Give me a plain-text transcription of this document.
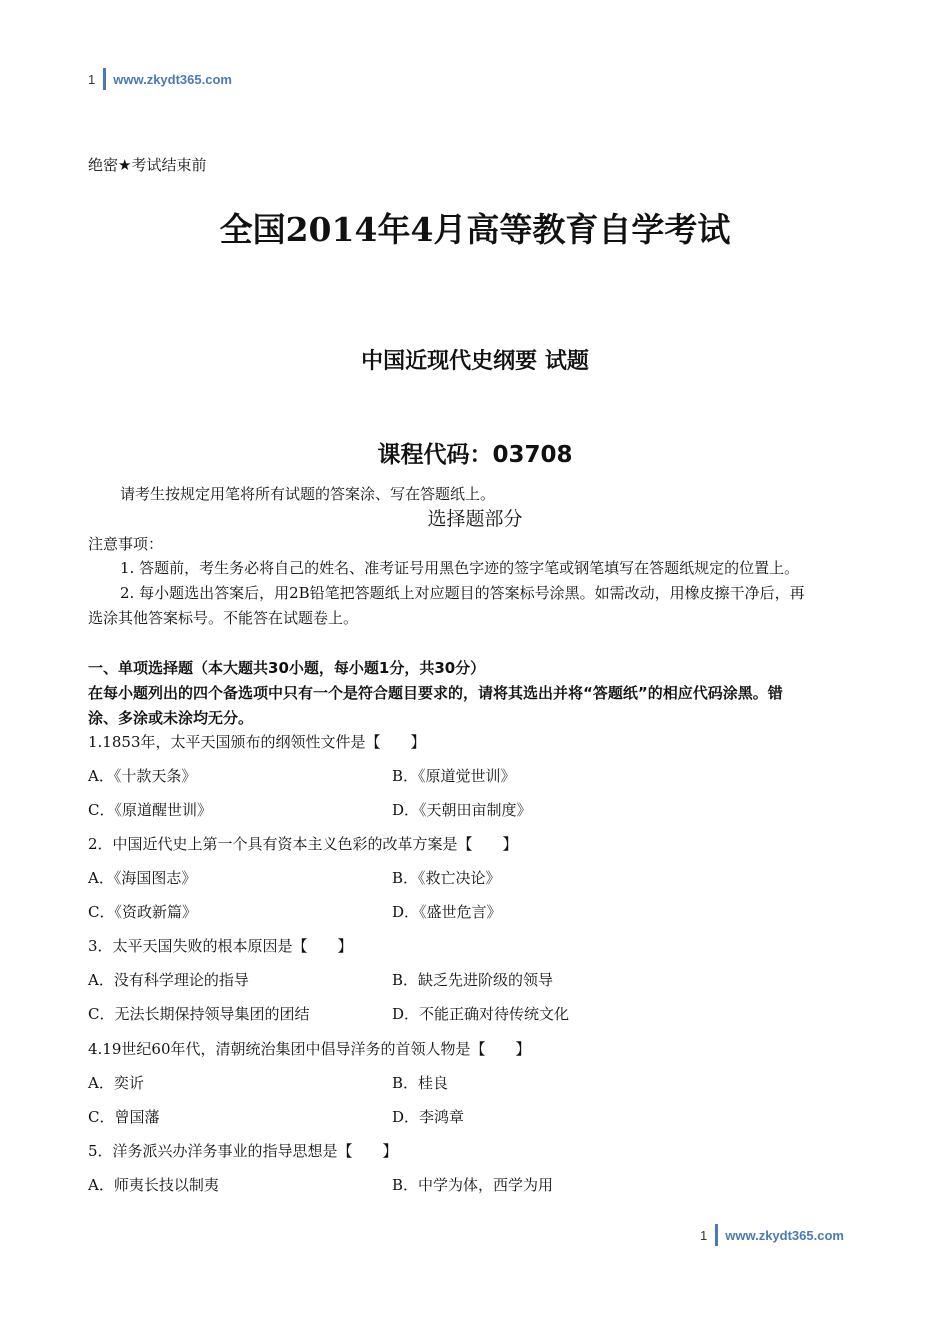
1 www.zkydt365.com
绝密★考试结束前
全国2014年4月高等教育自学考试
中国近现代史纲要 试题
课程代码：03708
请考生按规定用笔将所有试题的答案涂、写在答题纸上。
选择题部分
注意事项：
1. 答题前，考生务必将自己的姓名、准考证号用黑色字迹的签字笔或钢笔填写在答题纸规定的位置上。
2. 每小题选出答案后，用2B铅笔把答题纸上对应题目的答案标号涂黑。如需改动，用橡皮擦干净后，再
选涂其他答案标号。不能答在试题卷上。
一、单项选择题（本大题共30小题，每小题1分，共30分）
在每小题列出的四个备选项中只有一个是符合题目要求的，请将其选出并将“答题纸”的相应代码涂黑。错
涂、多涂或未涂均无分。
1.1853年，太平天国颁布的纲领性文件是【　　】
A．《十款天条》	B．《原道觉世训》
C．《原道醒世训》	D．《天朝田亩制度》
2．中国近代史上第一个具有资本主义色彩的改革方案是【　　】
A．《海国图志》	B．《救亡决论》
C．《资政新篇》	D．《盛世危言》
3．太平天国失败的根本原因是【　　】
A．没有科学理论的指导	B．缺乏先进阶级的领导
C．无法长期保持领导集团的团结	D．不能正确对待传统文化
4.19世纪60年代，清朝统治集团中倡导洋务的首领人物是【　　】
A．奕䜣	B．桂良
C．曾国藩	D．李鸿章
5．洋务派兴办洋务事业的指导思想是【　　】
A．师夷长技以制夷	B．中学为体，西学为用
1 www.zkydt365.com
